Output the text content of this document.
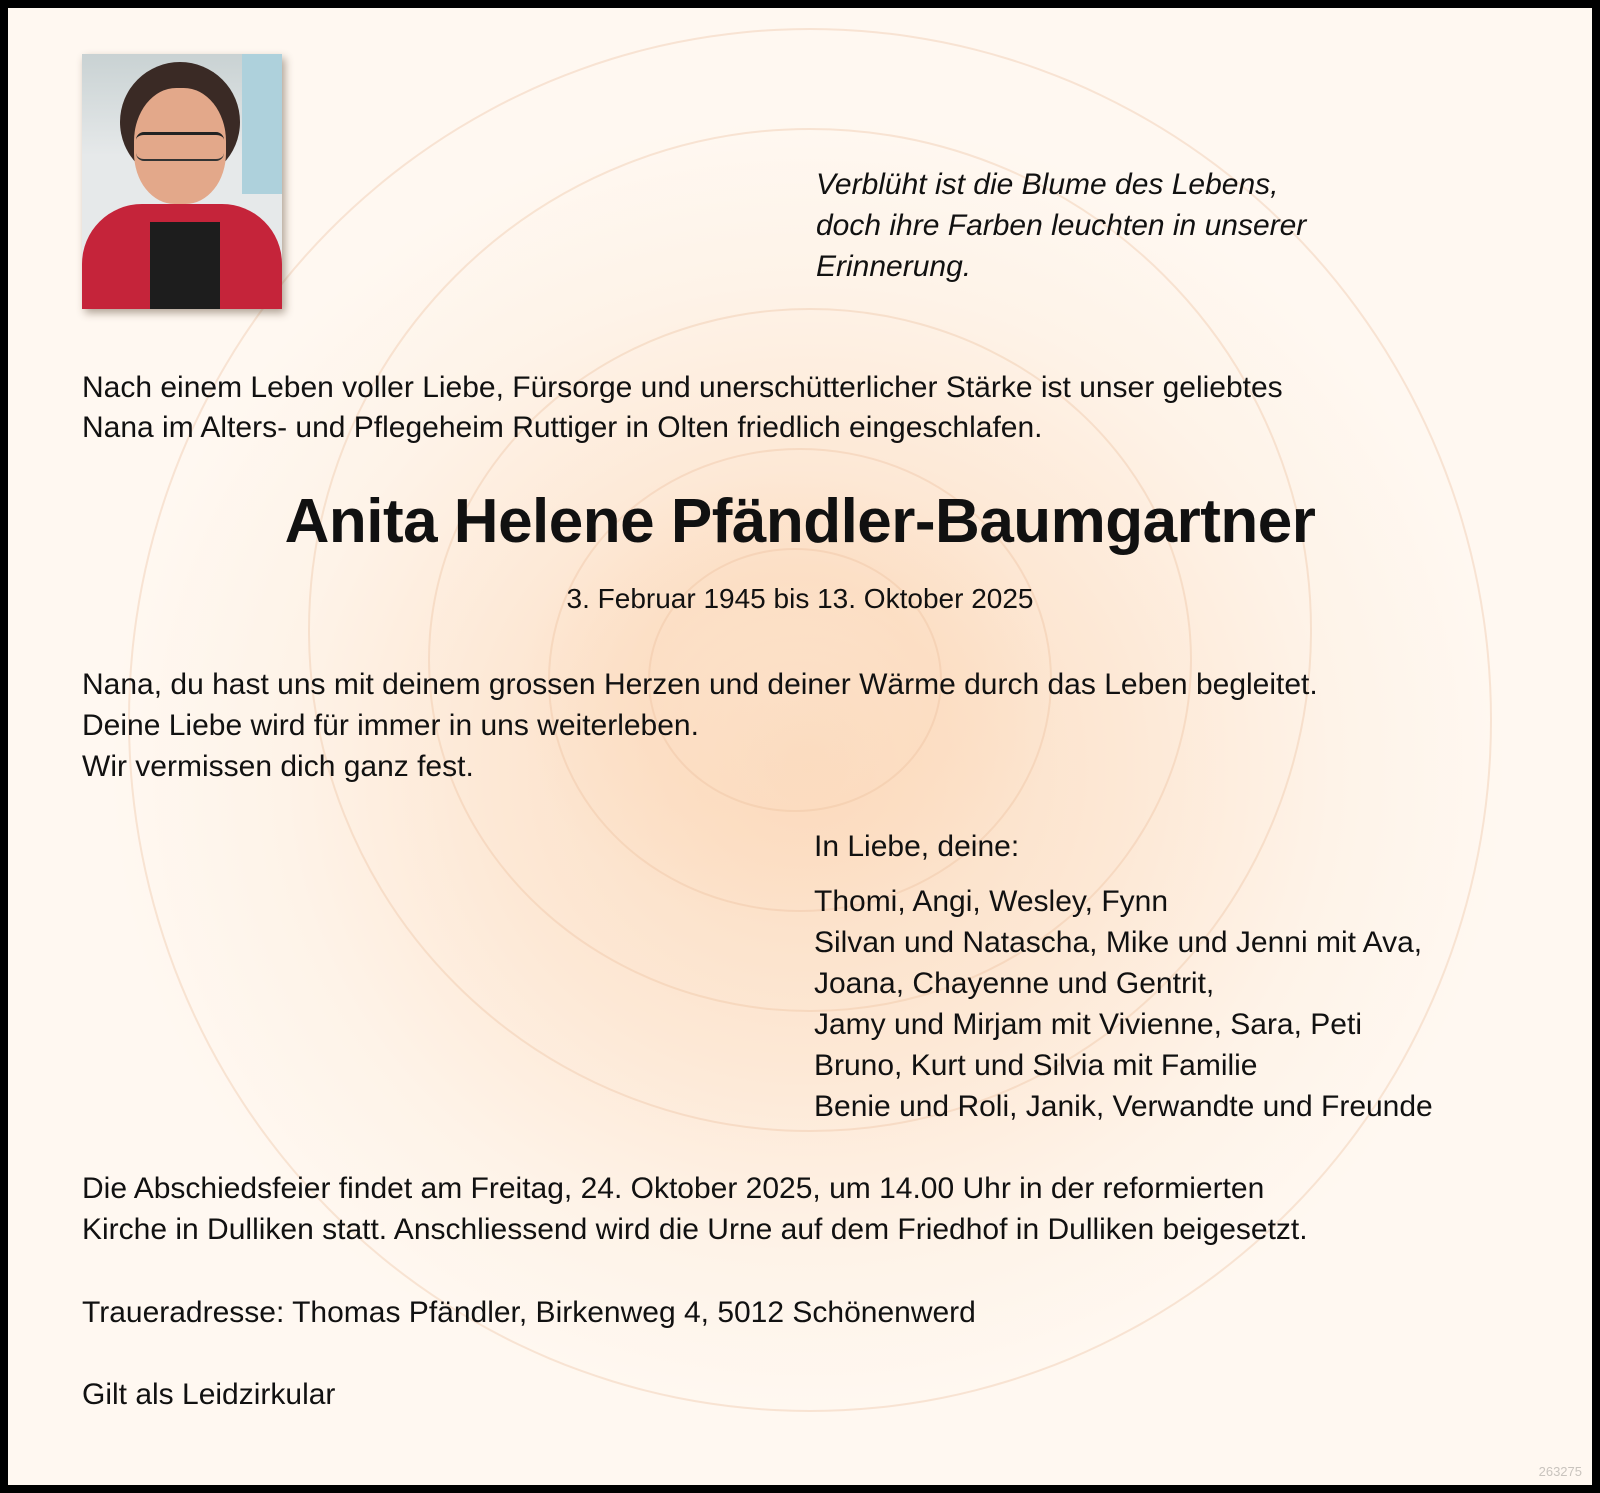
Verblüht ist die Blume des Lebens,
doch ihre Farben leuchten in unserer
Erinnerung.
Nach einem Leben voller Liebe, Fürsorge und unerschütterlicher Stärke ist unser geliebtes
Nana im Alters- und Pflegeheim Ruttiger in Olten friedlich eingeschlafen.
Anita Helene Pfändler-Baumgartner
3. Februar 1945 bis 13. Oktober 2025
Nana, du hast uns mit deinem grossen Herzen und deiner Wärme durch das Leben begleitet.
Deine Liebe wird für immer in uns weiterleben.
Wir vermissen dich ganz fest.
In Liebe, deine:
Thomi, Angi, Wesley, Fynn
Silvan und Natascha, Mike und Jenni mit Ava,
Joana, Chayenne und Gentrit,
Jamy und Mirjam mit Vivienne, Sara, Peti
Bruno, Kurt und Silvia mit Familie
Benie und Roli, Janik, Verwandte und Freunde
Die Abschiedsfeier findet am Freitag, 24. Oktober 2025, um 14.00 Uhr in der reformierten
Kirche in Dulliken statt. Anschliessend wird die Urne auf dem Friedhof in Dulliken beigesetzt.
Traueradresse: Thomas Pfändler, Birkenweg 4, 5012 Schönenwerd
Gilt als Leidzirkular
263275
